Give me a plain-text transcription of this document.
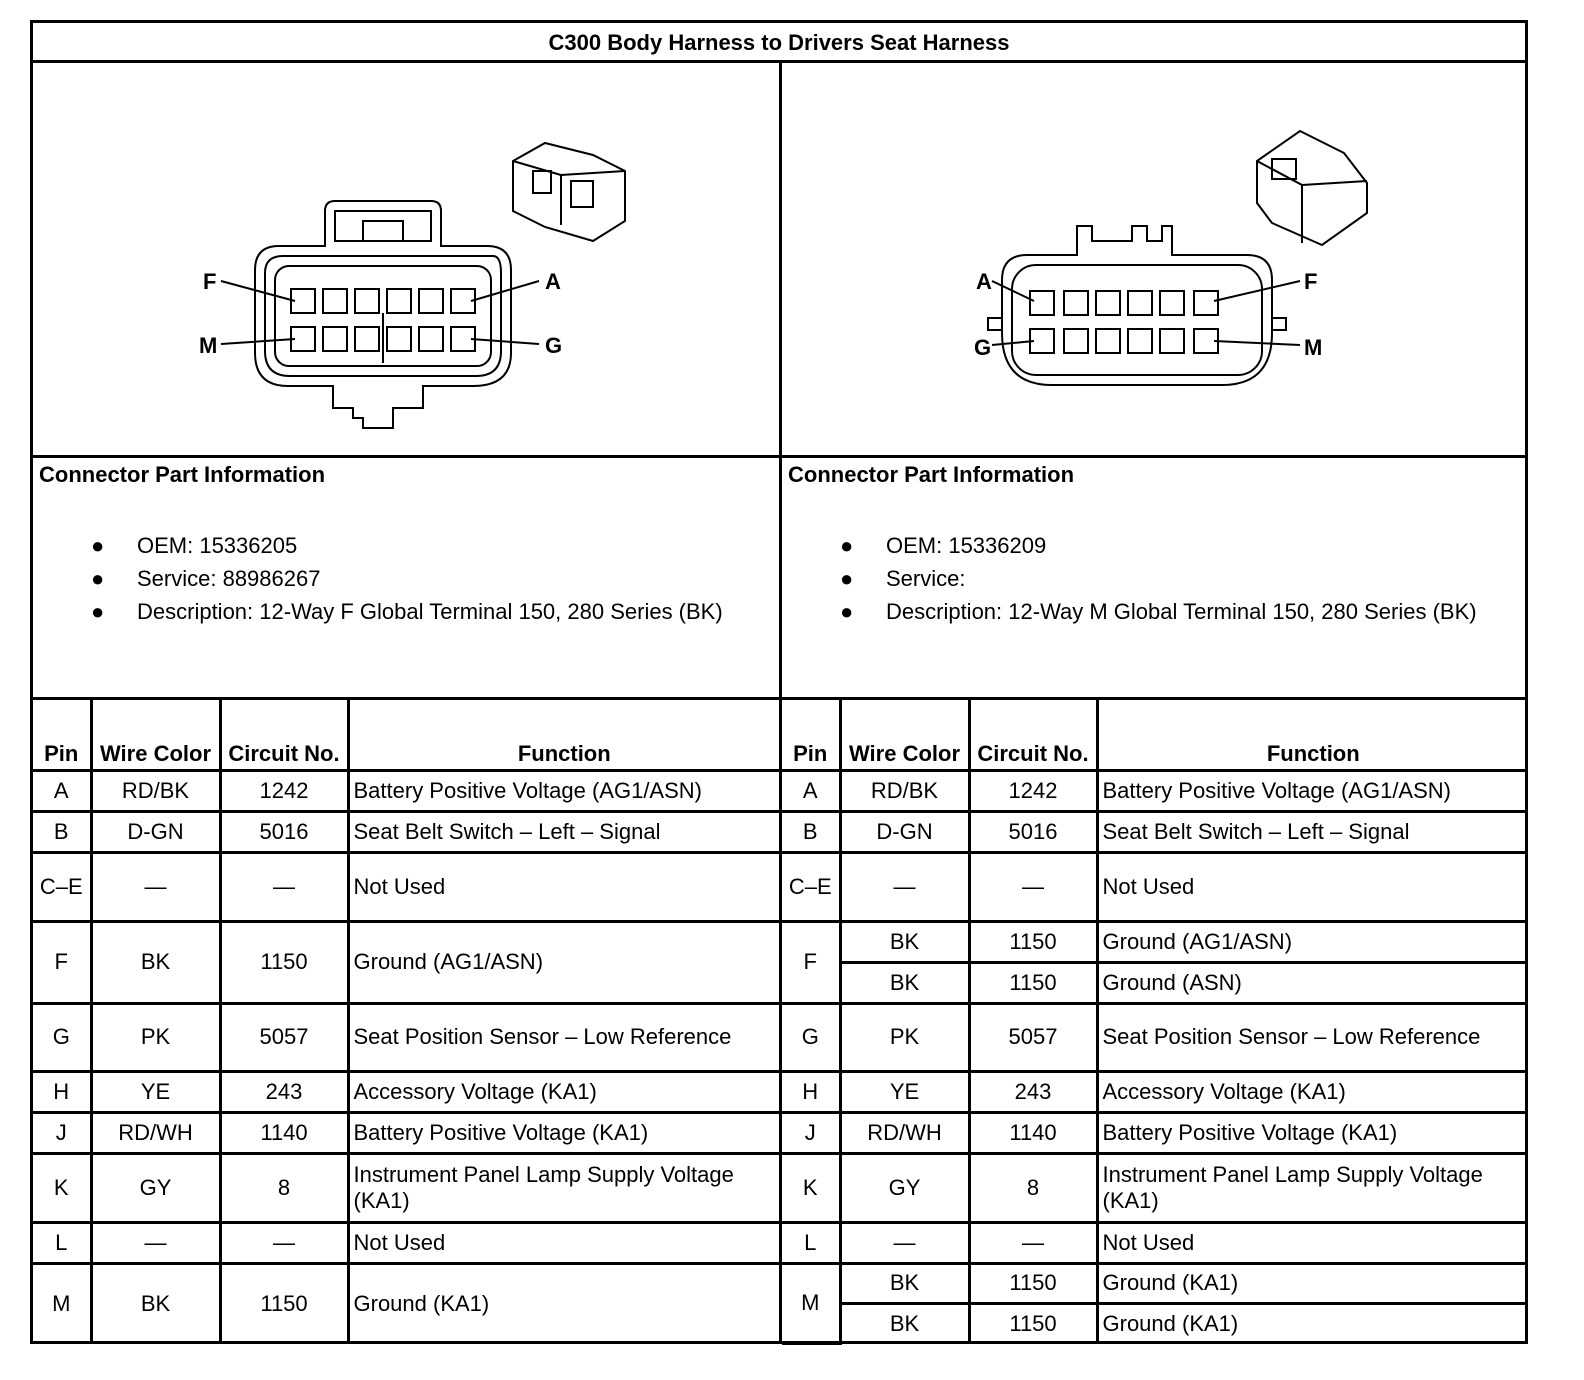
C300 Body Harness to Drivers Seat Harness
F	A
M	G
A	F
G	M
Connector Part Information
● OEM: 15336205
● Service: 88986267
● Description: 12-Way F Global Terminal 150, 280 Series (BK)
Connector Part Information
● OEM: 15336209
● Service:
● Description: 12-Way M Global Terminal 150, 280 Series (BK)
Pin	Wire Color	Circuit No.	Function
A	RD/BK	1242	Battery Positive Voltage (AG1/ASN)
B	D-GN	5016	Seat Belt Switch – Left – Signal
C–E	—	—	Not Used
F	BK	1150	Ground (AG1/ASN)
G	PK	5057	Seat Position Sensor – Low Reference
H	YE	243	Accessory Voltage (KA1)
J	RD/WH	1140	Battery Positive Voltage (KA1)
K	GY	8	Instrument Panel Lamp Supply Voltage (KA1)
L	—	—	Not Used
M	BK	1150	Ground (KA1)
Pin	Wire Color	Circuit No.	Function
A	RD/BK	1242	Battery Positive Voltage (AG1/ASN)
B	D-GN	5016	Seat Belt Switch – Left – Signal
C–E	—	—	Not Used
F	BK	1150	Ground (AG1/ASN)
	BK	1150	Ground (ASN)
G	PK	5057	Seat Position Sensor – Low Reference
H	YE	243	Accessory Voltage (KA1)
J	RD/WH	1140	Battery Positive Voltage (KA1)
K	GY	8	Instrument Panel Lamp Supply Voltage (KA1)
L	—	—	Not Used
M	BK	1150	Ground (KA1)
	BK	1150	Ground (KA1)
